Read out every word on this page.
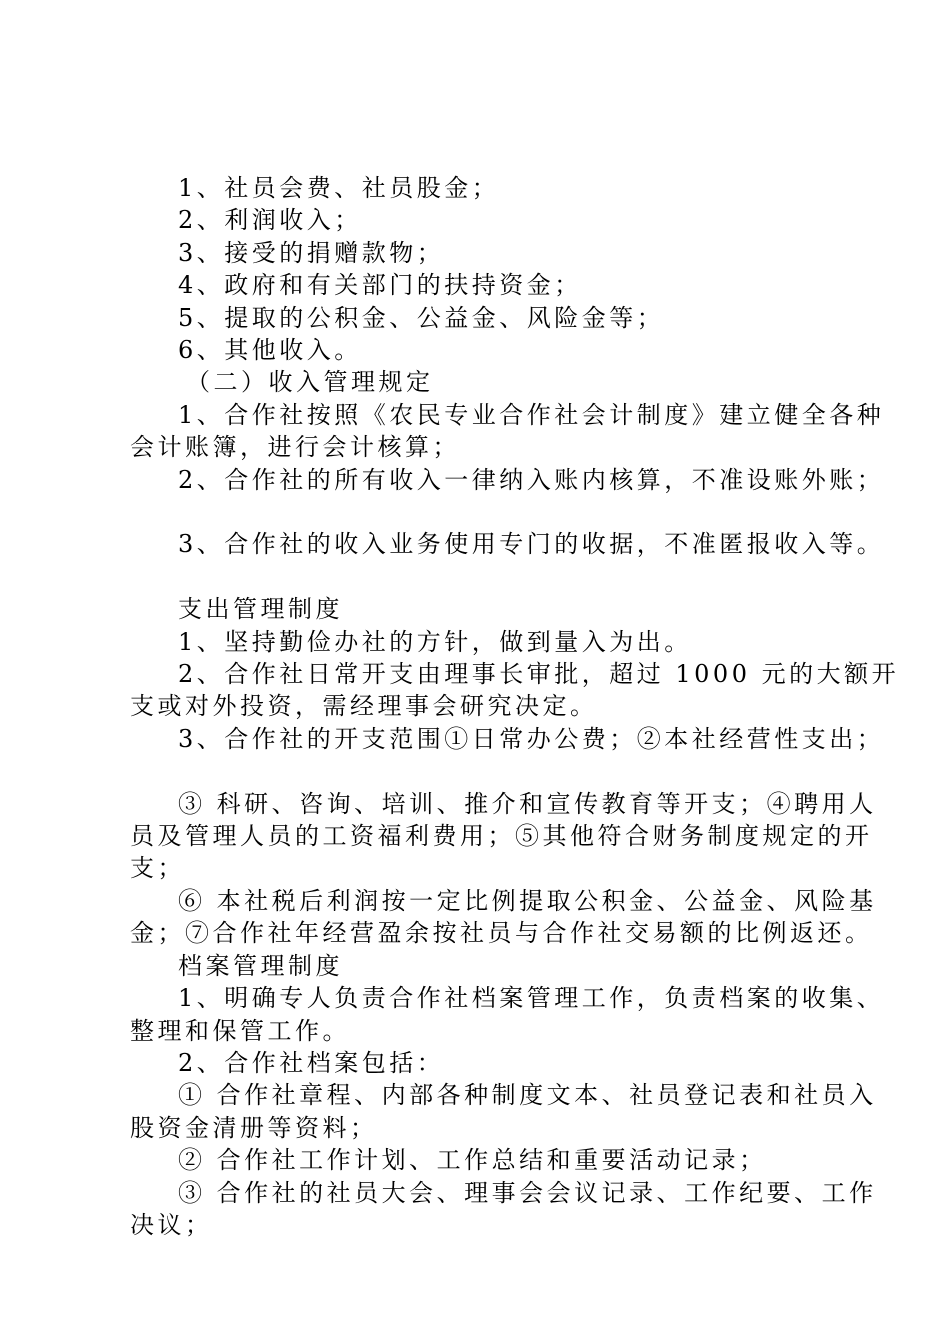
1、社员会费、社员股金；
2、利润收入；
3、接受的捐赠款物；
4、政府和有关部门的扶持资金；
5、提取的公积金、公益金、风险金等；
6、其他收入。
（二）收入管理规定
1、合作社按照《农民专业合作社会计制度》建立健全各种
会计账簿，进行会计核算；
2、合作社的所有收入一律纳入账内核算，不准设账外账；
3、合作社的收入业务使用专门的收据，不准匿报收入等。
支出管理制度
1、坚持勤俭办社的方针，做到量入为出。
2、合作社日常开支由理事长审批，超过 1000 元的大额开
支或对外投资，需经理事会研究决定。
3、合作社的开支范围①日常办公费；②本社经营性支出；
③ 科研、咨询、培训、推介和宣传教育等开支；④聘用人
员及管理人员的工资福利费用；⑤其他符合财务制度规定的开
支；
⑥ 本社税后利润按一定比例提取公积金、公益金、风险基
金；⑦合作社年经营盈余按社员与合作社交易额的比例返还。
档案管理制度
1、明确专人负责合作社档案管理工作，负责档案的收集、
整理和保管工作。
2、合作社档案包括：
① 合作社章程、内部各种制度文本、社员登记表和社员入
股资金清册等资料；
② 合作社工作计划、工作总结和重要活动记录；
③ 合作社的社员大会、理事会会议记录、工作纪要、工作
决议；
